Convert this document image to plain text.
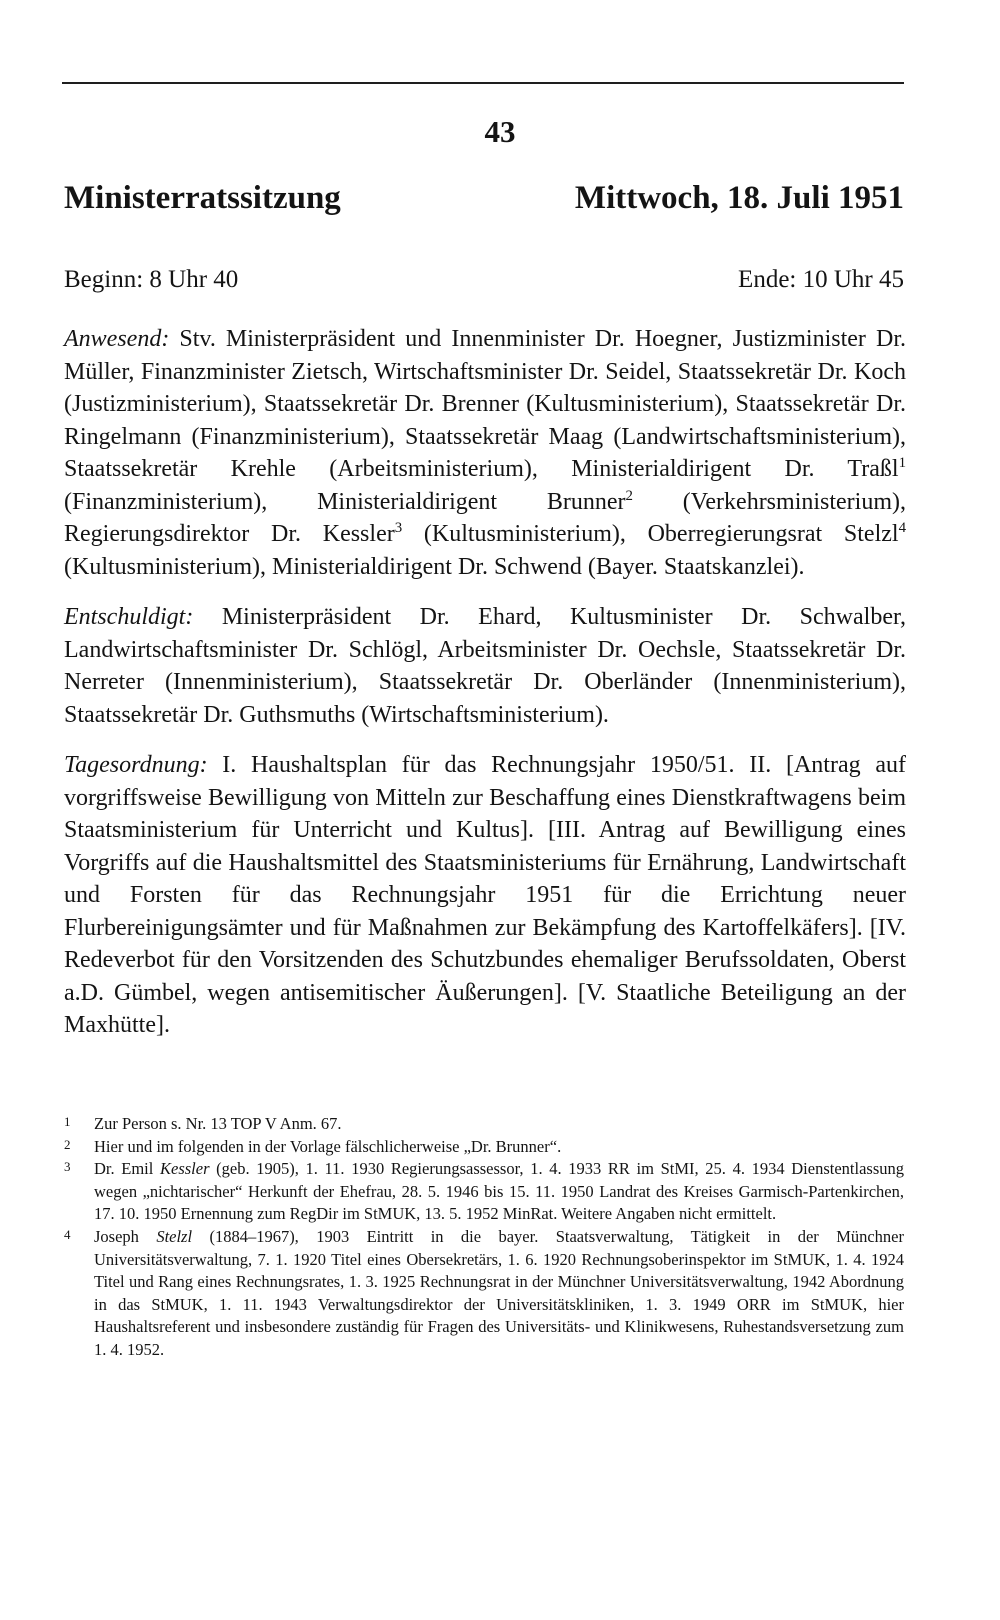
43
Ministerratssitzung	Mittwoch, 18. Juli 1951
Beginn: 8 Uhr 40	Ende: 10 Uhr 45

Anwesend: Stv. Ministerpräsident und Innenminister Dr. Hoegner, Justizminister Dr. Müller, Finanzminister Zietsch, Wirtschaftsminister Dr. Seidel, Staatssekretär Dr. Koch (Justizministerium), Staatssekretär Dr. Brenner (Kultusministerium), Staatssekretär Dr. Ringelmann (Finanzministerium), Staatssekretär Maag (Landwirtschaftsministerium), Staatssekretär Krehle (Arbeitsministerium), Ministerialdirigent Dr. Traßl$^1$ (Finanzministerium), Ministerialdirigent Brunner$^2$ (Verkehrsministerium), Regierungsdirektor Dr. Kessler$^3$ (Kultusministerium), Oberregierungsrat Stelzl$^4$ (Kultusministerium), Ministerialdirigent Dr. Schwend (Bayer. Staatskanzlei).

Entschuldigt: Ministerpräsident Dr. Ehard, Kultusminister Dr. Schwalber, Landwirtschaftsminister Dr. Schlögl, Arbeitsminister Dr. Oechsle, Staatssekretär Dr. Nerreter (Innenministerium), Staatssekretär Dr. Oberländer (Innenministerium), Staatssekretär Dr. Guthsmuths (Wirtschaftsministerium).

Tagesordnung: I. Haushaltsplan für das Rechnungsjahr 1950/51. II. [Antrag auf vorgriffsweise Bewilligung von Mitteln zur Beschaffung eines Dienstkraftwagens beim Staatsministerium für Unterricht und Kultus]. [III. Antrag auf Bewilligung eines Vorgriffs auf die Haushaltsmittel des Staatsministeriums für Ernährung, Landwirtschaft und Forsten für das Rechnungsjahr 1951 für die Errichtung neuer Flurbereinigungsämter und für Maßnahmen zur Bekämpfung des Kartoffelkäfers]. [IV. Redeverbot für den Vorsitzenden des Schutzbundes ehemaliger Berufssoldaten, Oberst a.D. Gümbel, wegen antisemitischer Äußerungen]. [V. Staatliche Beteiligung an der Maxhütte].

1	Zur Person s. Nr. 13 TOP V Anm. 67.
2	Hier und im folgenden in der Vorlage fälschlicherweise „Dr. Brunner“.
3	Dr. Emil Kessler (geb. 1905), 1. 11. 1930 Regierungsassessor, 1. 4. 1933 RR im StMI, 25. 4. 1934 Dienstentlassung wegen „nichtarischer“ Herkunft der Ehefrau, 28. 5. 1946 bis 15. 11. 1950 Landrat des Kreises Garmisch-Partenkirchen, 17. 10. 1950 Ernennung zum RegDir im StMUK, 13. 5. 1952 MinRat. Weitere Angaben nicht ermittelt.
4	Joseph Stelzl (1884–1967), 1903 Eintritt in die bayer. Staatsverwaltung, Tätigkeit in der Münchner Universitätsverwaltung, 7. 1. 1920 Titel eines Obersekretärs, 1. 6. 1920 Rechnungsoberinspektor im StMUK, 1. 4. 1924 Titel und Rang eines Rechnungsrates, 1. 3. 1925 Rechnungsrat in der Münchner Universitätsverwaltung, 1942 Abordnung in das StMUK, 1. 11. 1943 Verwaltungsdirektor der Universitätskliniken, 1. 3. 1949 ORR im StMUK, hier Haushaltsreferent und insbesondere zuständig für Fragen des Universitäts- und Klinikwesens, Ruhestandsversetzung zum 1. 4. 1952.
